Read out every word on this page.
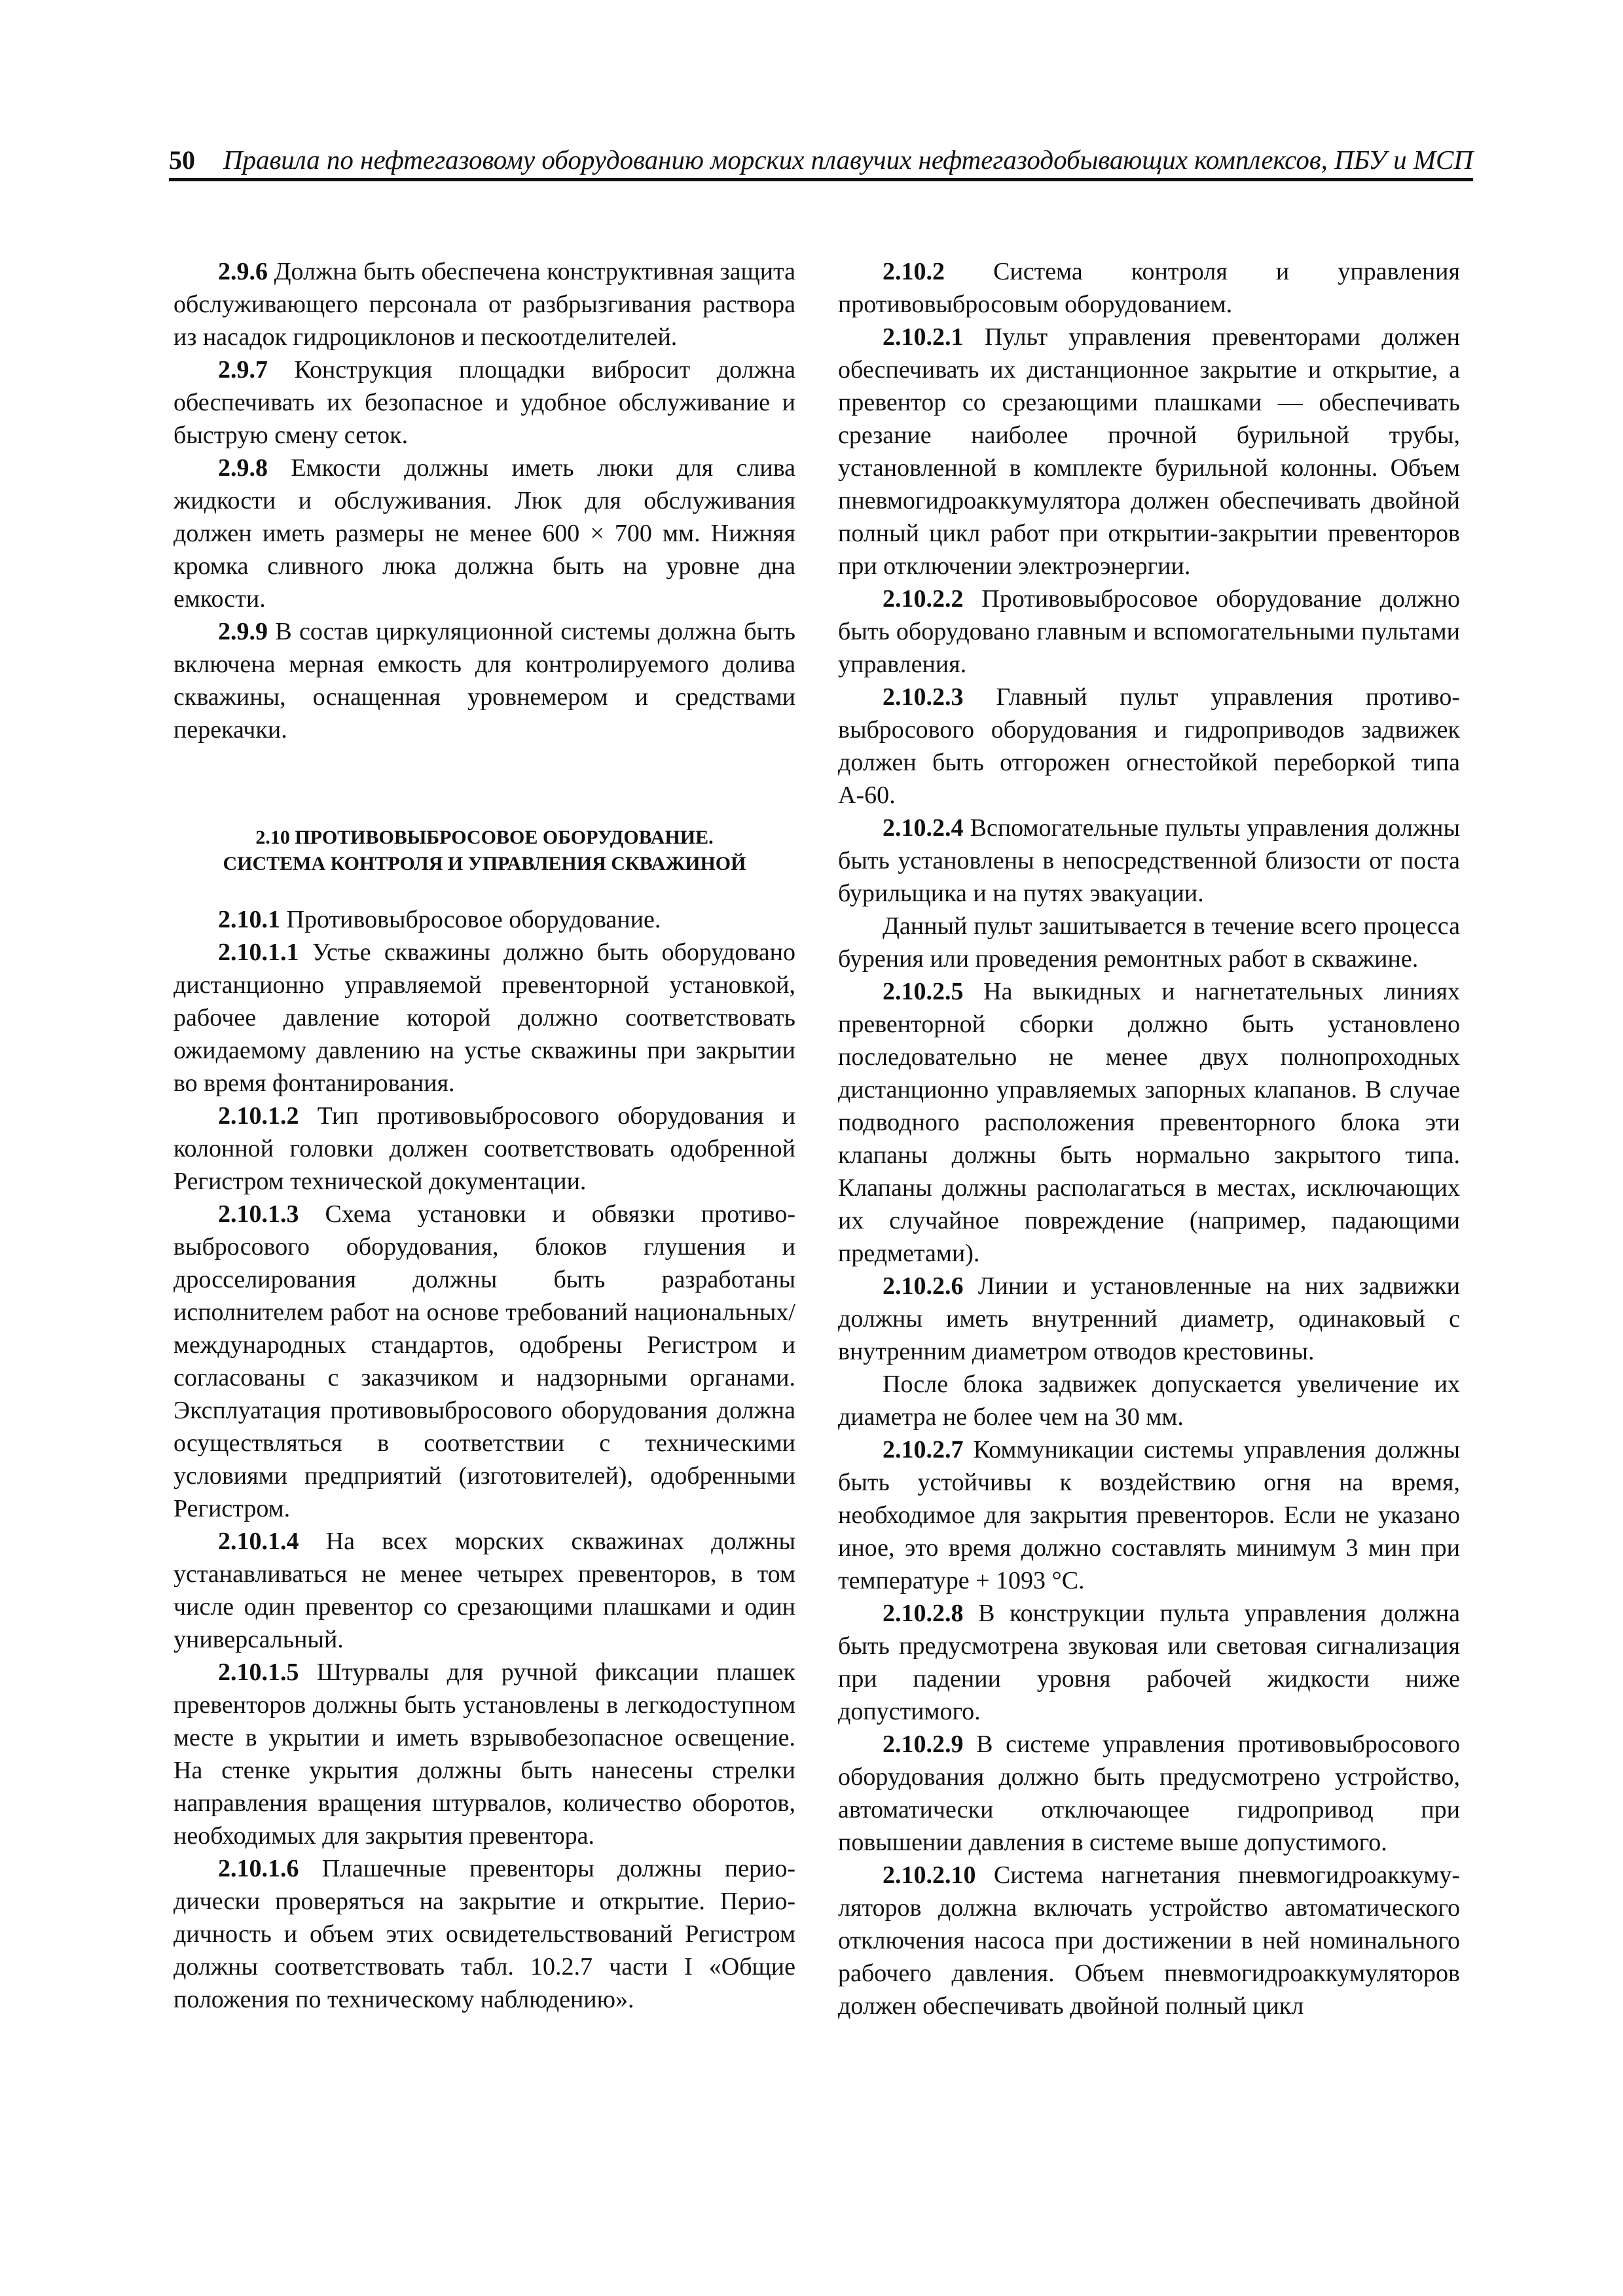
50 Правила по нефтегазовому оборудованию морских плавучих нефтегазодобывающих комплексов, ПБУ и МСП

2.9.6 Должна быть обеспечена конструктивная защита обслуживающего персонала от разбрызгивания раствора из насадок гидроциклонов и пескоотделителей.

2.9.7 Конструкция площадки вибросит должна обеспечивать их безопасное и удобное обслуживание и быструю смену сеток.

2.9.8 Емкости должны иметь люки для слива жидкости и обслуживания. Люк для обслуживания должен иметь размеры не менее 600 × 700 мм. Нижняя кромка сливного люка должна быть на уровне дна емкости.

2.9.9 В состав циркуляционной системы должна быть включена мерная емкость для контролируемого долива скважины, оснащенная уровнемером и средствами перекачки.

2.10 ПРОТИВОВЫБРОСОВОЕ ОБОРУДОВАНИЕ.
СИСТЕМА КОНТРОЛЯ И УПРАВЛЕНИЯ СКВАЖИНОЙ

2.10.1 Противовыбросовое оборудование.

2.10.1.1 Устье скважины должно быть оборудовано дистанционно управляемой превенторной установкой, рабочее давление которой должно соответствовать ожидаемому давлению на устье скважины при закрытии во время фонтанирования.

2.10.1.2 Тип противовыбросового оборудования и колонной головки должен соответствовать одобренной Регистром технической документации.

2.10.1.3 Схема установки и обвязки противовыбросового оборудования, блоков глушения и дросселирования должны быть разработаны исполнителем работ на основе требований национальных/международных стандартов, одобрены Регистром и согласованы с заказчиком и надзорными органами. Эксплуатация противовыбросового оборудования должна осуществляться в соответствии с техническими условиями предприятий (изготовителей), одобренными Регистром.

2.10.1.4 На всех морских скважинах должны устанавливаться не менее четырех превенторов, в том числе один превентор со срезающими плашками и один универсальный.

2.10.1.5 Штурвалы для ручной фиксации плашек превенторов должны быть установлены в легкодоступном месте в укрытии и иметь взрывобезопасное освещение. На стенке укрытия должны быть нанесены стрелки направления вращения штурвалов, количество оборотов, необходимых для закрытия превентора.

2.10.1.6 Плашечные превенторы должны периодически проверяться на закрытие и открытие. Периодичность и объем этих освидетельствований Регистром должны соответствовать табл. 10.2.7 части I «Общие положения по техническому наблюдению».

2.10.2 Система контроля и управления противовыбросовым оборудованием.

2.10.2.1 Пульт управления превенторами должен обеспечивать их дистанционное закрытие и открытие, а превентор со срезающими плашками — обеспечивать срезание наиболее прочной бурильной трубы, установленной в комплекте бурильной колонны. Объем пневмогидроаккумулятора должен обеспечивать двойной полный цикл работ при открытии-закрытии превенторов при отключении электроэнергии.

2.10.2.2 Противовыбросовое оборудование должно быть оборудовано главным и вспомогательными пультами управления.

2.10.2.3 Главный пульт управления противовыбросового оборудования и гидроприводов задвижек должен быть отгорожен огнестойкой переборкой типа А-60.

2.10.2.4 Вспомогательные пульты управления должны быть установлены в непосредственной близости от поста бурильщика и на путях эвакуации.

Данный пульт зашитывается в течение всего процесса бурения или проведения ремонтных работ в скважине.

2.10.2.5 На выкидных и нагнетательных линиях превенторной сборки должно быть установлено последовательно не менее двух полнопроходных дистанционно управляемых запорных клапанов. В случае подводного расположения превенторного блока эти клапаны должны быть нормально закрытого типа. Клапаны должны располагаться в местах, исключающих их случайное повреждение (например, падающими предметами).

2.10.2.6 Линии и установленные на них задвижки должны иметь внутренний диаметр, одинаковый с внутренним диаметром отводов крестовины.

После блока задвижек допускается увеличение их диаметра не более чем на 30 мм.

2.10.2.7 Коммуникации системы управления должны быть устойчивы к воздействию огня на время, необходимое для закрытия превенторов. Если не указано иное, это время должно составлять минимум 3 мин при температуре + 1093 °С.

2.10.2.8 В конструкции пульта управления должна быть предусмотрена звуковая или световая сигнализация при падении уровня рабочей жидкости ниже допустимого.

2.10.2.9 В системе управления противовыбросового оборудования должно быть предусмотрено устройство, автоматически отключающее гидропривод при повышении давления в системе выше допустимого.

2.10.2.10 Система нагнетания пневмогидроаккумуляторов должна включать устройство автоматического отключения насоса при достижении в ней номинального рабочего давления. Объем пневмогидроаккумуляторов должен обеспечивать двойной полный цикл
